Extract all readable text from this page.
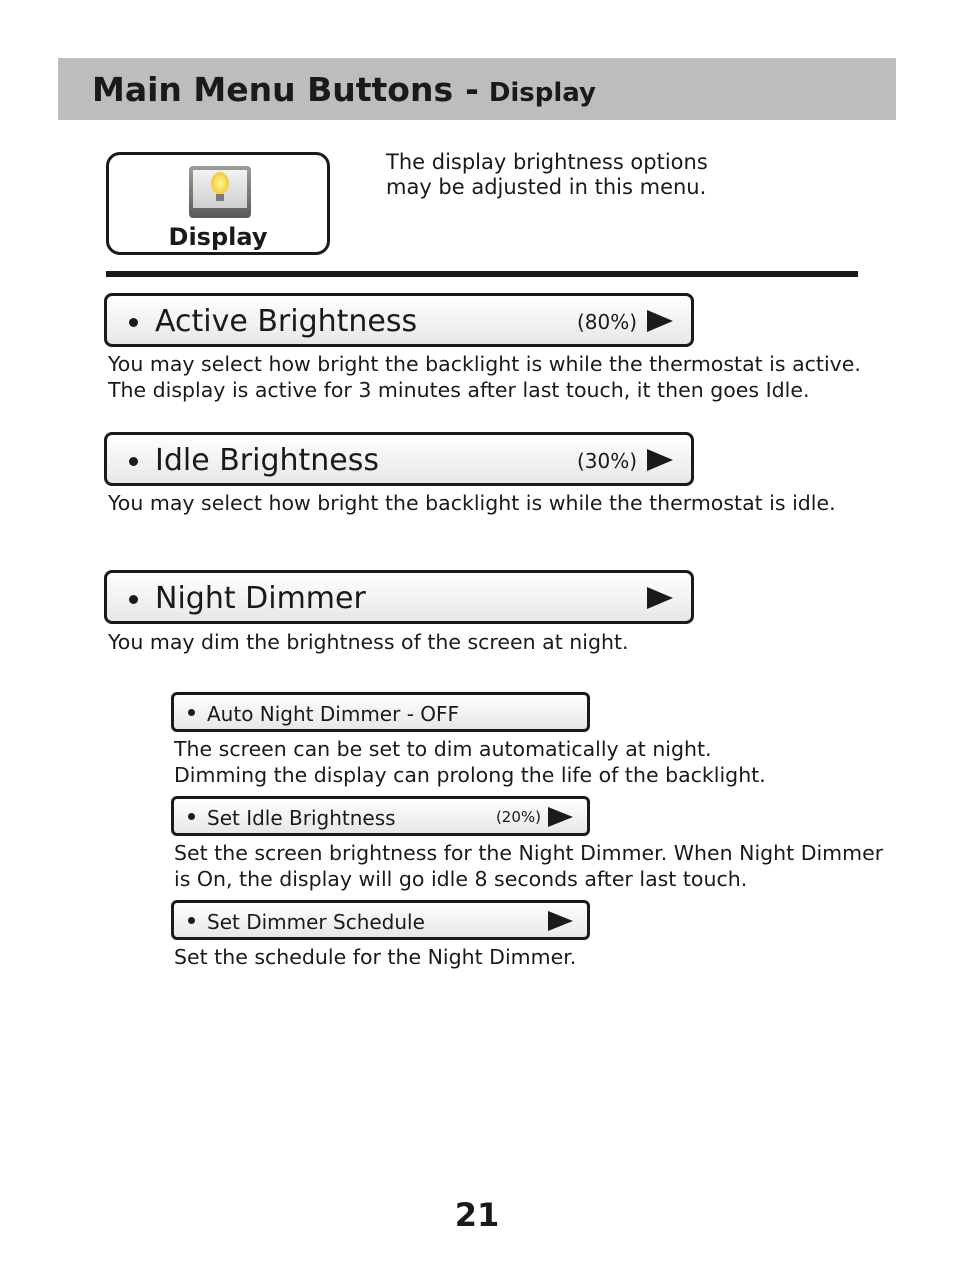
Main Menu Buttons - Display
Display
The display brightness options
may be adjusted in this menu.
Active Brightness	(80%)
You may select how bright the backlight is while the thermostat is active.
The display is active for 3 minutes after last touch, it then goes Idle.
Idle Brightness	(30%)
You may select how bright the backlight is while the thermostat is idle.
Night Dimmer
You may dim the brightness of the screen at night.
Auto Night Dimmer - OFF
The screen can be set to dim automatically at night.
Dimming the display can prolong the life of the backlight.
Set Idle Brightness	(20%)
Set the screen brightness for the Night Dimmer. When Night Dimmer
is On, the display will go idle 8 seconds after last touch.
Set Dimmer Schedule
Set the schedule for the Night Dimmer.
21
